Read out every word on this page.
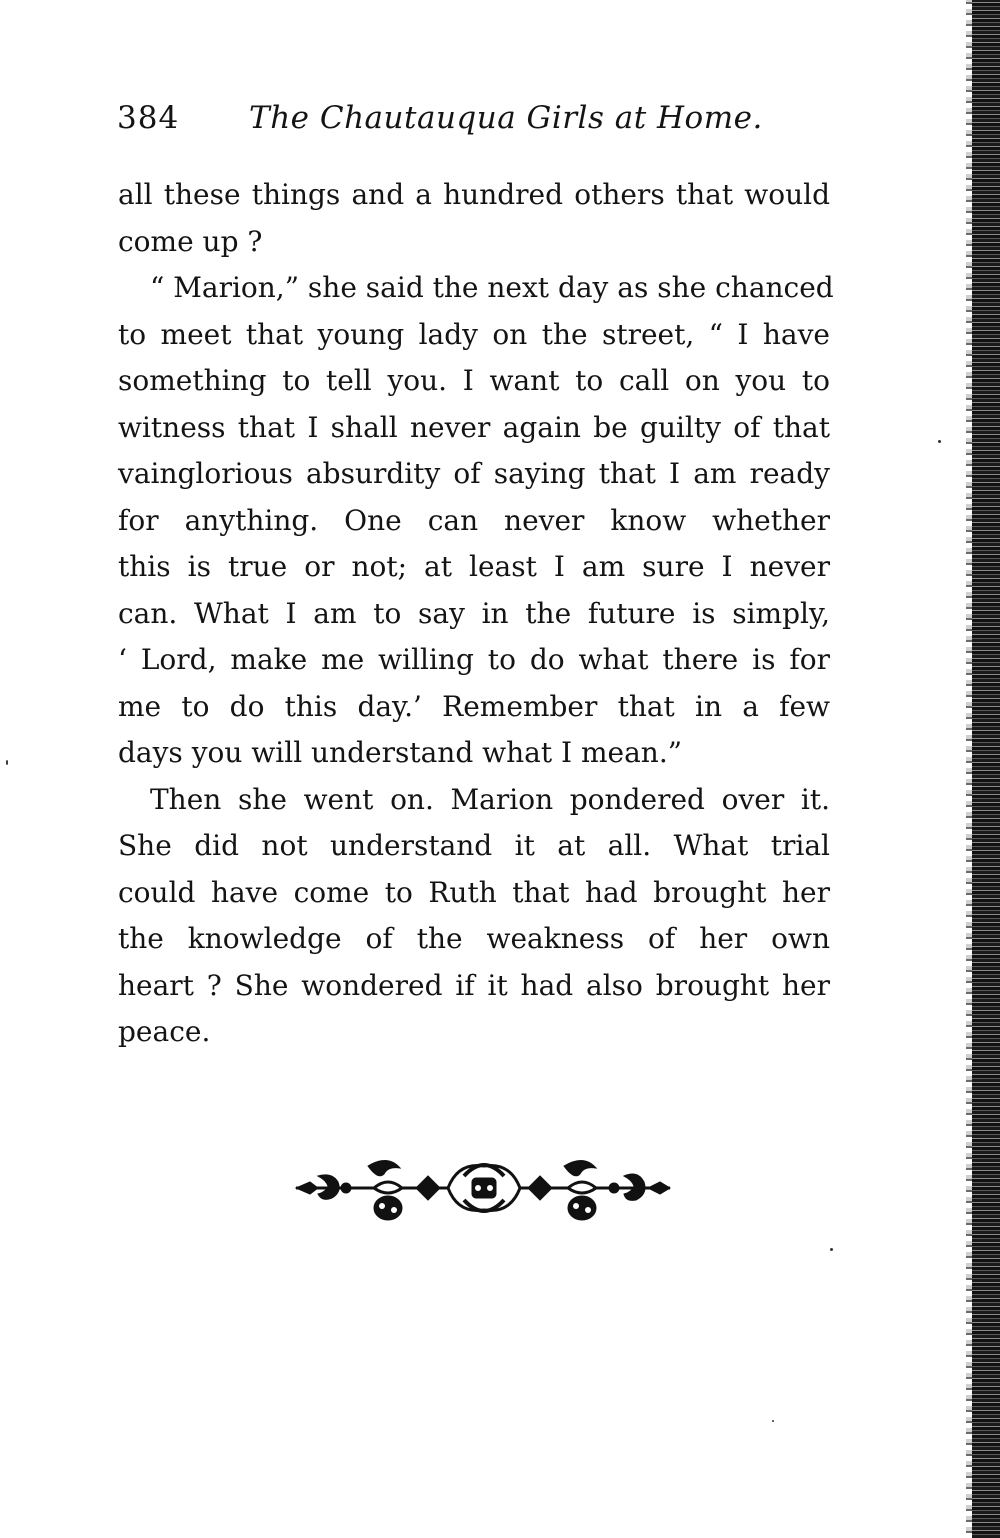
384 The Chautauqua Girls at Home.
all these things and a hundred others that would
come up ?
“ Marion,” she said the next day as she chanced
to meet that young lady on the street, “ I have
something to tell you. I want to call on you to
witness that I shall never again be guilty of that
vainglorious absurdity of saying that I am ready
for anything. One can never know whether
this is true or not; at least I am sure I never
can. What I am to say in the future is simply,
‘ Lord, make me willing to do what there is for
me to do this day.’ Remember that in a few
days you will understand what I mean.”
Then she went on. Marion pondered over it.
She did not understand it at all. What trial
could have come to Ruth that had brought her
the knowledge of the weakness of her own
heart ? She wondered if it had also brought her
peace.
